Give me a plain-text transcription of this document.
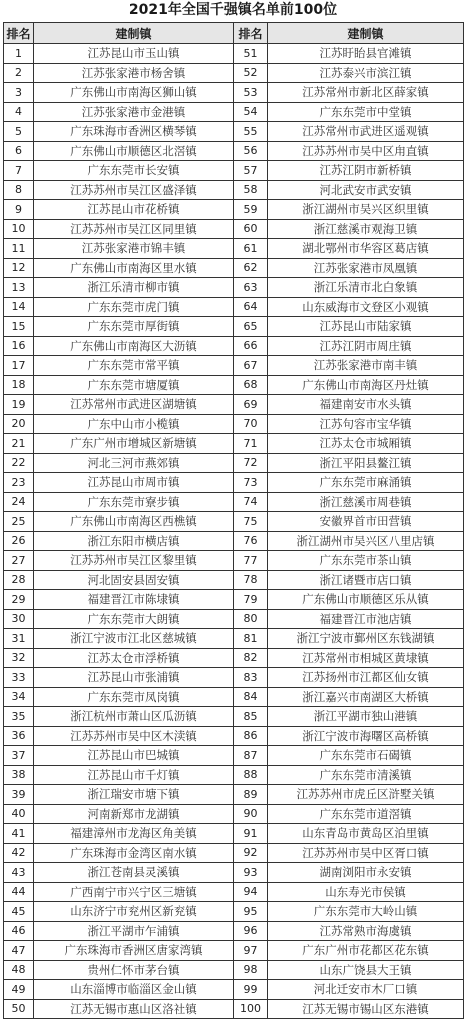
2021年全国千强镇名单前100位
排名	建制镇	排名	建制镇
1	江苏昆山市玉山镇	51	江苏盱眙县官滩镇
2	江苏张家港市杨舍镇	52	江苏泰兴市滨江镇
3	广东佛山市南海区狮山镇	53	江苏常州市新北区薛家镇
4	江苏张家港市金港镇	54	广东东莞市中堂镇
5	广东珠海市香洲区横琴镇	55	江苏常州市武进区遥观镇
6	广东佛山市顺德区北滘镇	56	江苏苏州市吴中区甪直镇
7	广东东莞市长安镇	57	江苏江阴市新桥镇
8	江苏苏州市吴江区盛泽镇	58	河北武安市武安镇
9	江苏昆山市花桥镇	59	浙江湖州市吴兴区织里镇
10	江苏苏州市吴江区同里镇	60	浙江慈溪市观海卫镇
11	江苏张家港市锦丰镇	61	湖北鄂州市华容区葛店镇
12	广东佛山市南海区里水镇	62	江苏张家港市凤凰镇
13	浙江乐清市柳市镇	63	浙江乐清市北白象镇
14	广东东莞市虎门镇	64	山东威海市文登区小观镇
15	广东东莞市厚街镇	65	江苏昆山市陆家镇
16	广东佛山市南海区大沥镇	66	江苏江阴市周庄镇
17	广东东莞市常平镇	67	江苏张家港市南丰镇
18	广东东莞市塘厦镇	68	广东佛山市南海区丹灶镇
19	江苏常州市武进区湖塘镇	69	福建南安市水头镇
20	广东中山市小榄镇	70	江苏句容市宝华镇
21	广东广州市增城区新塘镇	71	江苏太仓市城厢镇
22	河北三河市燕郊镇	72	浙江平阳县鳌江镇
23	江苏昆山市周市镇	73	广东东莞市麻涌镇
24	广东东莞市寮步镇	74	浙江慈溪市周巷镇
25	广东佛山市南海区西樵镇	75	安徽界首市田营镇
26	浙江东阳市横店镇	76	浙江湖州市吴兴区八里店镇
27	江苏苏州市吴江区黎里镇	77	广东东莞市茶山镇
28	河北固安县固安镇	78	浙江诸暨市店口镇
29	福建晋江市陈埭镇	79	广东佛山市顺德区乐从镇
30	广东东莞市大朗镇	80	福建晋江市池店镇
31	浙江宁波市江北区慈城镇	81	浙江宁波市鄞州区东钱湖镇
32	江苏太仓市浮桥镇	82	江苏常州市相城区黄埭镇
33	江苏昆山市张浦镇	83	江苏扬州市江都区仙女镇
34	广东东莞市凤岗镇	84	浙江嘉兴市南湖区大桥镇
35	浙江杭州市萧山区瓜沥镇	85	浙江平湖市独山港镇
36	江苏苏州市吴中区木渎镇	86	浙江宁波市海曙区高桥镇
37	江苏昆山市巴城镇	87	广东东莞市石碣镇
38	江苏昆山市千灯镇	88	广东东莞市清溪镇
39	浙江瑞安市塘下镇	89	江苏苏州市虎丘区浒墅关镇
40	河南新郑市龙湖镇	90	广东东莞市道滘镇
41	福建漳州市龙海区角美镇	91	山东青岛市黄岛区泊里镇
42	广东珠海市金湾区南水镇	92	江苏苏州市吴中区胥口镇
43	浙江苍南县灵溪镇	93	湖南浏阳市永安镇
44	广西南宁市兴宁区三塘镇	94	山东寿光市侯镇
45	山东济宁市兖州区新兖镇	95	广东东莞市大岭山镇
46	浙江平湖市乍浦镇	96	江苏常熟市海虞镇
47	广东珠海市香洲区唐家湾镇	97	广东广州市花都区花东镇
48	贵州仁怀市茅台镇	98	山东广饶县大王镇
49	山东淄博市临淄区金山镇	99	河北迁安市木厂口镇
50	江苏无锡市惠山区洛社镇	100	江苏无锡市锡山区东港镇
